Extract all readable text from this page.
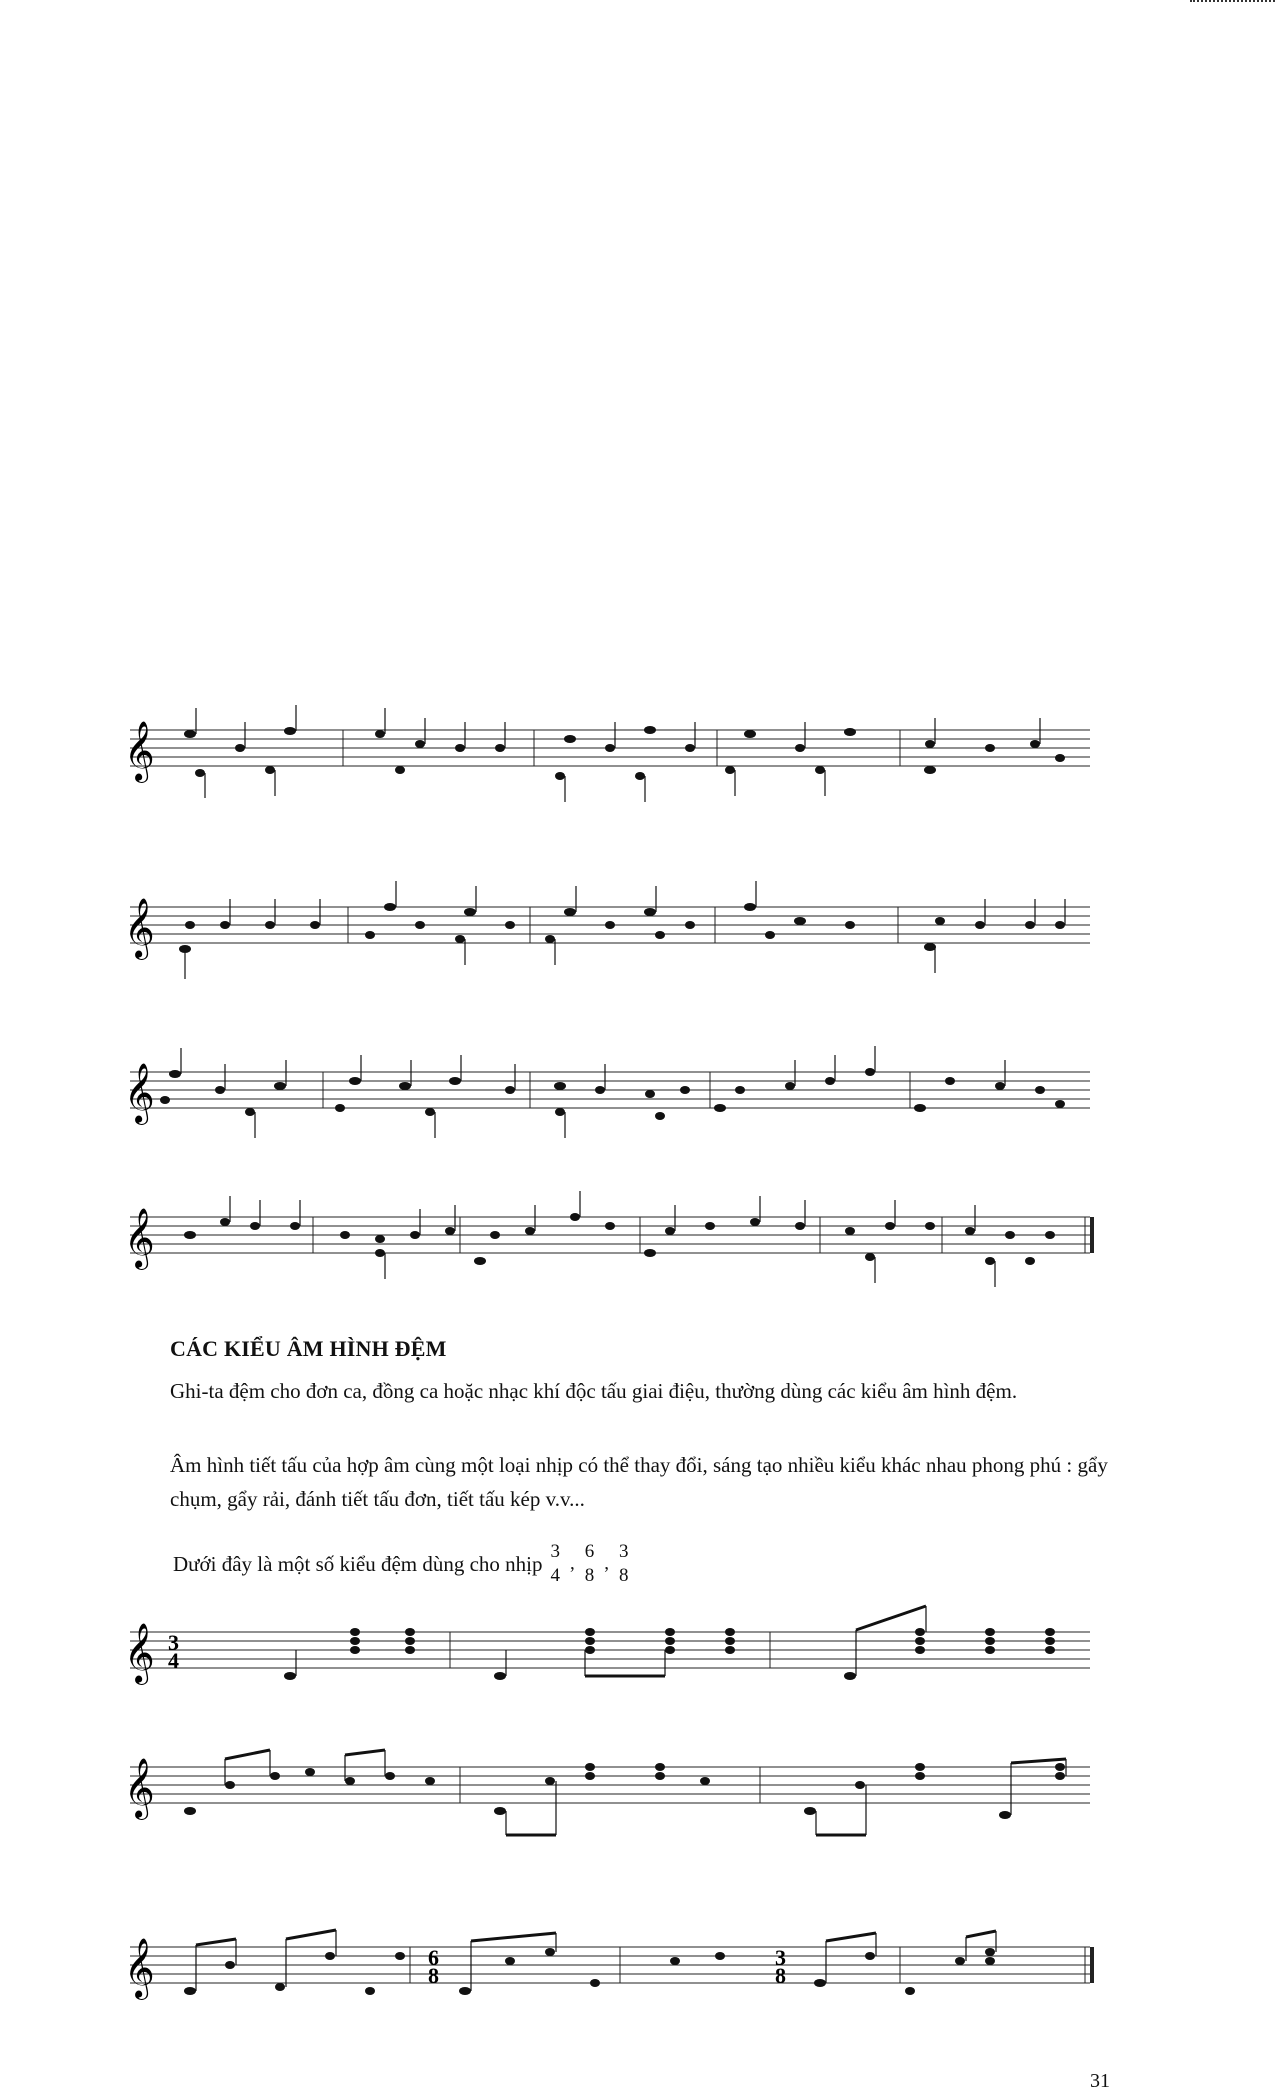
𝄞
𝄞
𝄞
𝄞
CÁC KIỂU ÂM HÌNH ĐỆM
Ghi-ta đệm cho đơn ca, đồng ca hoặc nhạc khí độc tấu giai điệu, thường dùng các kiểu âm hình đệm.
Âm hình tiết tấu của hợp âm cùng một loại nhịp có thể thay đổi, sáng tạo nhiều kiểu khác nhau phong phú : gẩy chụm, gẩy rải, đánh tiết tấu đơn, tiết tấu kép v.v...
Dưới đây là một số kiểu đệm dùng cho nhịp 3
4
,
6
8
,
3
8
𝄞 3
4
𝄞
𝄞	6
8
3
8
31
